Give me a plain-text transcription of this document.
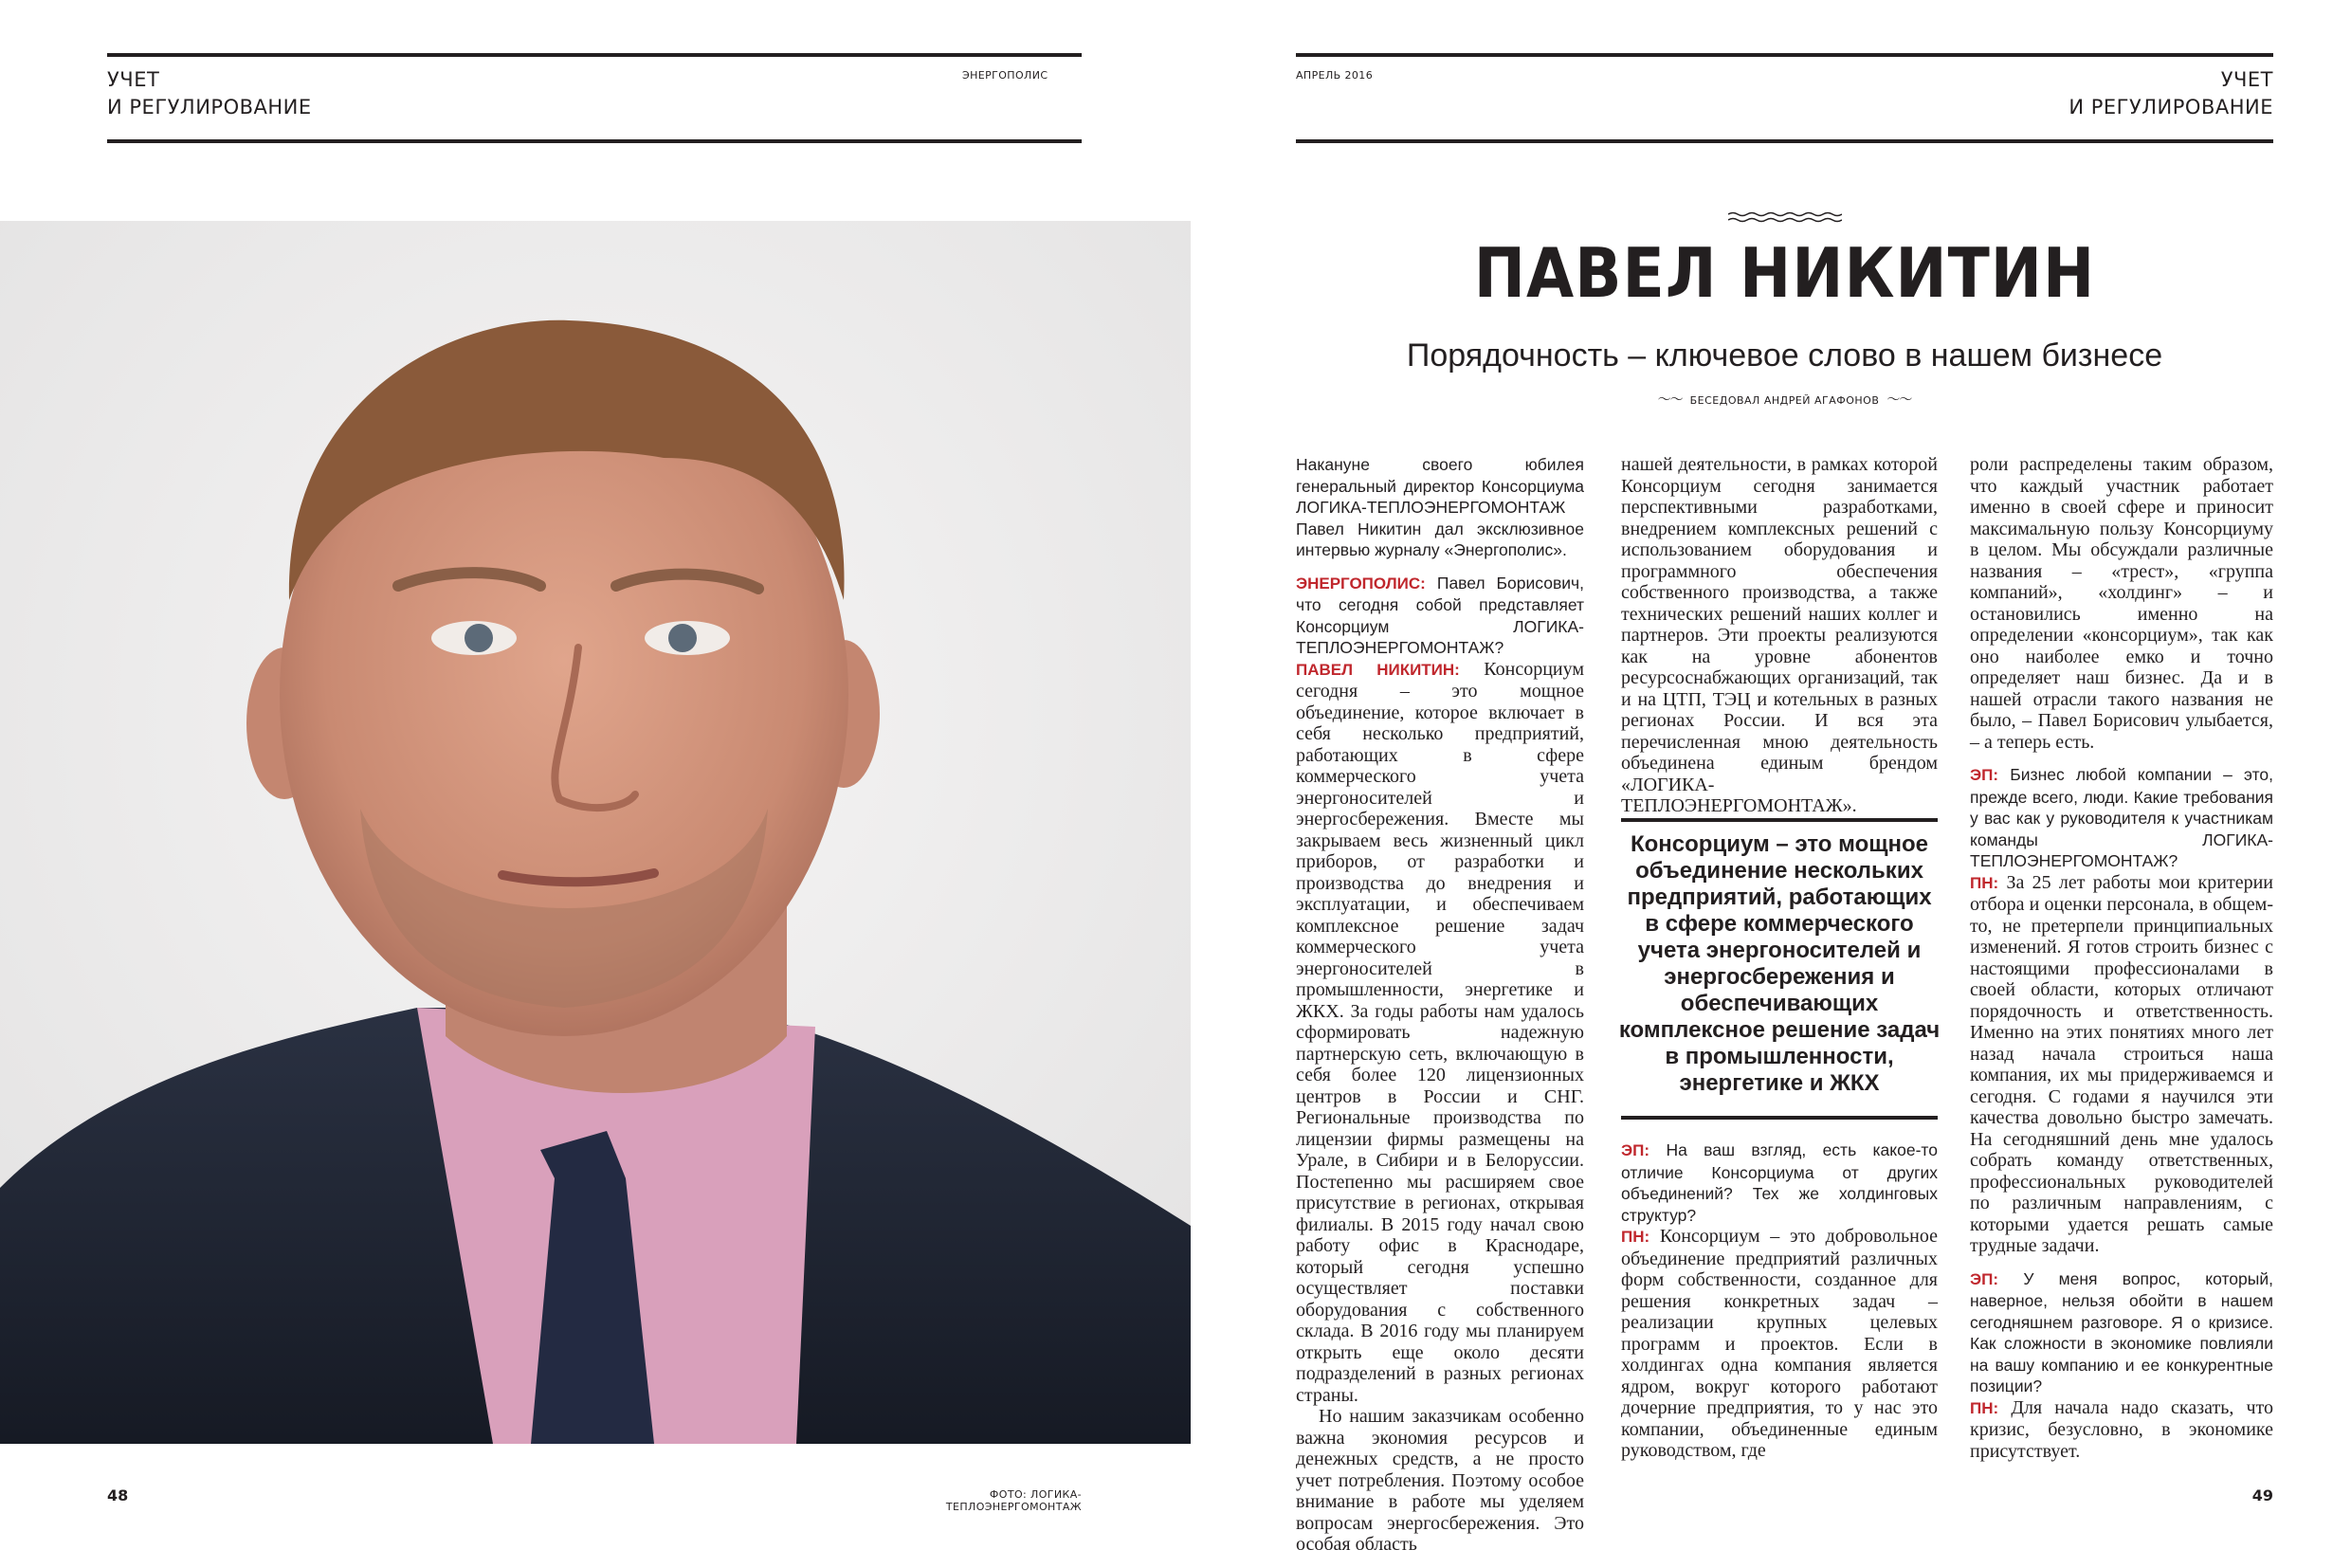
УЧЕТ
И РЕГУЛИРОВАНИЕ
ЭНЕРГОПОЛИС	АПРЕЛЬ 2016	УЧЕТ
И РЕГУЛИРОВАНИЕ
48	ФОТО: ЛОГИКА-ТЕПЛОЭНЕРГОМОНТАЖ
ПАВЕЛ НИКИТИН
Порядочность – ключевое слово в нашем бизнесе
〜〜 БЕСЕДОВАЛ АНДРЕЙ АГАФОНОВ 〜〜

Накануне своего юбилея генеральный директор Консорциума ЛОГИКА-ТЕПЛОЭНЕРГОМОНТАЖ Павел Никитин дал эксклюзивное интервью журналу «Энергополис».

ЭНЕРГОПОЛИС: Павел Борисович, что сегодня собой представляет Консорциум ЛОГИКА-ТЕПЛОЭНЕРГОМОНТАЖ?

ПАВЕЛ НИКИТИН: Консорциум сегодня – это мощное объединение, которое включает в себя несколько предприятий, работающих в сфере коммерческого учета энергоносителей и энергосбережения. Вместе мы закрываем весь жизненный цикл приборов, от разработки и производства до внедрения и эксплуатации, и обеспечиваем комплексное решение задач коммерческого учета энергоносителей в промышленности, энергетике и ЖКХ. За годы работы нам удалось сформировать надежную партнерскую сеть, включающую в себя более 120 лицензионных центров в России и СНГ. Региональные производства по лицензии фирмы размещены на Урале, в Сибири и в Белоруссии. Постепенно мы расширяем свое присутствие в регионах, открывая филиалы. В 2015 году начал свою работу офис в Краснодаре, который сегодня успешно осуществляет поставки оборудования с собственного склада. В 2016 году мы планируем открыть еще около десяти подразделений в разных регионах страны.

Но нашим заказчикам особенно важна экономия ресурсов и денежных средств, а не просто учет потребления. Поэтому особое внимание в работе мы уделяем вопросам энергосбережения. Это особая область

нашей деятельности, в рамках которой Консорциум сегодня занимается перспективными разработками, внедрением комплексных решений с использованием оборудования и программного обеспечения собственного производства, а также технических решений наших коллег и партнеров. Эти проекты реализуются как на уровне абонентов ресурсоснабжающих организаций, так и на ЦТП, ТЭЦ и котельных в разных регионах России. И вся эта перечисленная мною деятельность объединена единым брендом «ЛОГИКА-ТЕПЛОЭНЕРГОМОНТАЖ».

Консорциум – это мощное объединение нескольких предприятий, работающих в сфере коммерческого учета энергоносителей и энергосбережения и обеспечивающих комплексное решение задач в промышленности, энергетике и ЖКХ

ЭП: На ваш взгляд, есть какое-то отличие Консорциума от других объединений? Тех же холдинговых структур?

ПН: Консорциум – это добровольное объединение предприятий различных форм собственности, созданное для решения конкретных задач – реализации крупных целевых программ и проектов. Если в холдингах одна компания является ядром, вокруг которого работают дочерние предприятия, то у нас это компании, объединенные единым руководством, где

роли распределены таким образом, что каждый участник работает именно в своей сфере и приносит максимальную пользу Консорциуму в целом. Мы обсуждали различные названия – «трест», «группа компаний», «холдинг» – и остановились именно на определении «консорциум», так как оно наиболее емко и точно определяет наш бизнес. Да и в нашей отрасли такого названия не было, – Павел Борисович улыбается, – а теперь есть.

ЭП: Бизнес любой компании – это, прежде всего, люди. Какие требования у вас как у руководителя к участникам команды ЛОГИКА-ТЕПЛОЭНЕРГОМОНТАЖ?

ПН: За 25 лет работы мои критерии отбора и оценки персонала, в общем-то, не претерпели принципиальных изменений. Я готов строить бизнес с настоящими профессионалами в своей области, которых отличают порядочность и ответственность. Именно на этих понятиях много лет назад начала строиться наша компания, их мы придерживаемся и сегодня. С годами я научился эти качества довольно быстро замечать. На сегодняшний день мне удалось собрать команду ответственных, профессиональных руководителей по различным направлениям, с которыми удается решать самые трудные задачи.

ЭП: У меня вопрос, который, наверное, нельзя обойти в нашем сегодняшнем разговоре. Я о кризисе. Как сложности в экономике повлияли на вашу компанию и ее конкурентные позиции?

ПН: Для начала надо сказать, что кризис, безусловно, в экономике присутствует.

49
